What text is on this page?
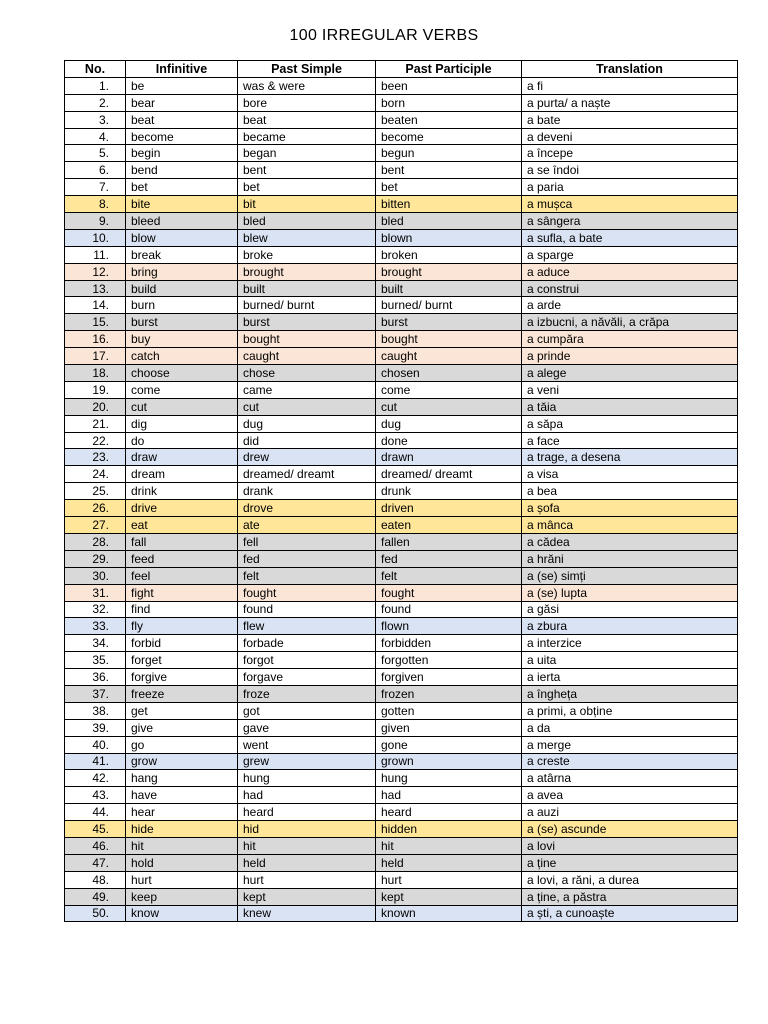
100 IRREGULAR VERBS
No.	Infinitive	Past Simple	Past Participle	Translation
1.	be	was & were	been	a fi
2.	bear	bore	born	a purta/ a naște
3.	beat	beat	beaten	a bate
4.	become	became	become	a deveni
5.	begin	began	begun	a începe
6.	bend	bent	bent	a se îndoi
7.	bet	bet	bet	a paria
8.	bite	bit	bitten	a mușca
9.	bleed	bled	bled	a sângera
10.	blow	blew	blown	a sufla, a bate
11.	break	broke	broken	a sparge
12.	bring	brought	brought	a aduce
13.	build	built	built	a construi
14.	burn	burned/ burnt	burned/ burnt	a arde
15.	burst	burst	burst	a izbucni, a năvăli, a crăpa
16.	buy	bought	bought	a cumpăra
17.	catch	caught	caught	a prinde
18.	choose	chose	chosen	a alege
19.	come	came	come	a veni
20.	cut	cut	cut	a tăia
21.	dig	dug	dug	a săpa
22.	do	did	done	a face
23.	draw	drew	drawn	a trage, a desena
24.	dream	dreamed/ dreamt	dreamed/ dreamt	a visa
25.	drink	drank	drunk	a bea
26.	drive	drove	driven	a șofa
27.	eat	ate	eaten	a mânca
28.	fall	fell	fallen	a cădea
29.	feed	fed	fed	a hrăni
30.	feel	felt	felt	a (se) simți
31.	fight	fought	fought	a (se) lupta
32.	find	found	found	a găsi
33.	fly	flew	flown	a zbura
34.	forbid	forbade	forbidden	a interzice
35.	forget	forgot	forgotten	a uita
36.	forgive	forgave	forgiven	a ierta
37.	freeze	froze	frozen	a îngheța
38.	get	got	gotten	a primi, a obține
39.	give	gave	given	a da
40.	go	went	gone	a merge
41.	grow	grew	grown	a creste
42.	hang	hung	hung	a atârna
43.	have	had	had	a avea
44.	hear	heard	heard	a auzi
45.	hide	hid	hidden	a (se) ascunde
46.	hit	hit	hit	a lovi
47.	hold	held	held	a ține
48.	hurt	hurt	hurt	a lovi, a răni, a durea
49.	keep	kept	kept	a ține, a păstra
50.	know	knew	known	a ști, a cunoaște
